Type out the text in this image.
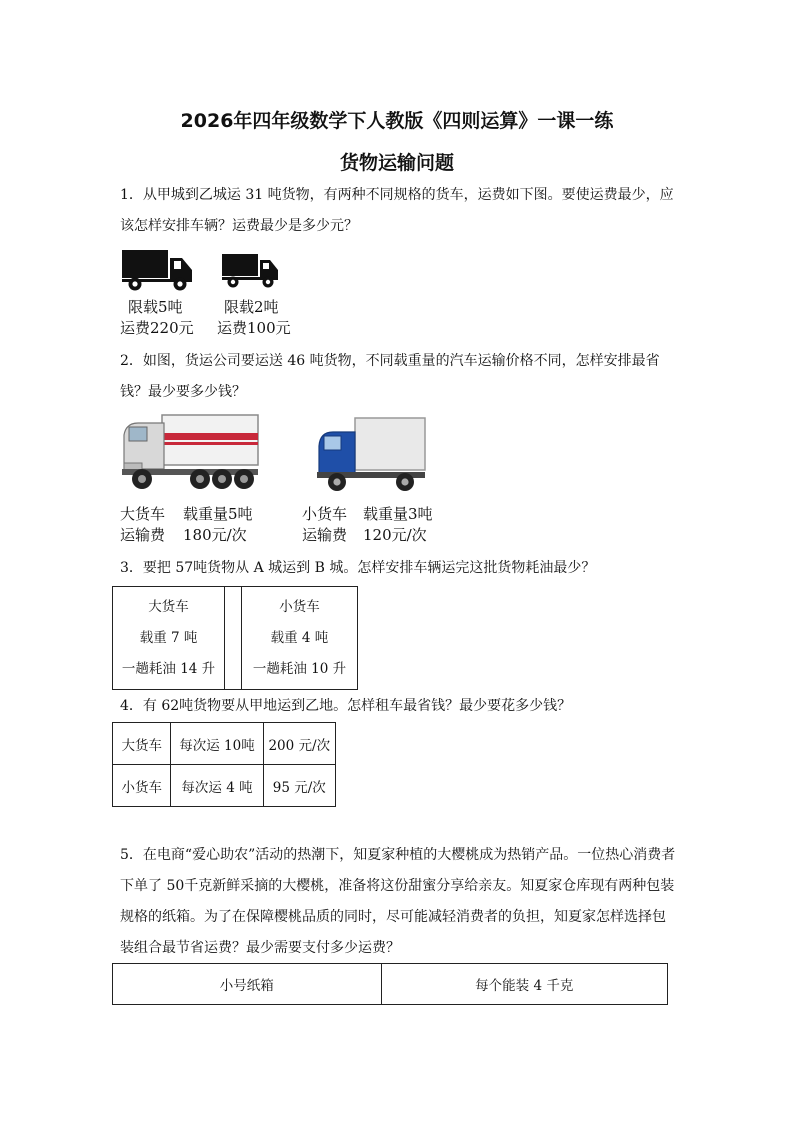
2026年四年级数学下人教版《四则运算》一课一练
货物运输问题
1．从甲城到乙城运 31 吨货物，有两种不同规格的货车，运费如下图。要使运费最少，应该怎样安排车辆？运费最少是多少元？
限载5吨
运费220元
限载2吨
运费100元
2．如图，货运公司要运送 46 吨货物，不同载重量的汽车运输价格不同，怎样安排最省钱？最少要多少钱？
大货车 载重量5吨
运输费 180元/次
小货车 载重量3吨
运输费 120元/次
3．要把 57吨货物从 A 城运到 B 城。怎样安排车辆运完这批货物耗油最少？
大货车
载重 7 吨
一趟耗油 14 升

小货车
载重 4 吨
一趟耗油 10 升
4．有 62吨货物要从甲地运到乙地。怎样租车最省钱？最少要花多少钱？
大货车	每次运 10吨	200 元/次
小货车	每次运 4 吨	95 元/次
5．在电商“爱心助农”活动的热潮下，知夏家种植的大樱桃成为热销产品。一位热心消费者下单了 50千克新鲜采摘的大樱桃，准备将这份甜蜜分享给亲友。知夏家仓库现有两种包装规格的纸箱。为了在保障樱桃品质的同时，尽可能减轻消费者的负担，知夏家怎样选择包装组合最节省运费？最少需要支付多少运费？
小号纸箱	每个能装 4 千克
